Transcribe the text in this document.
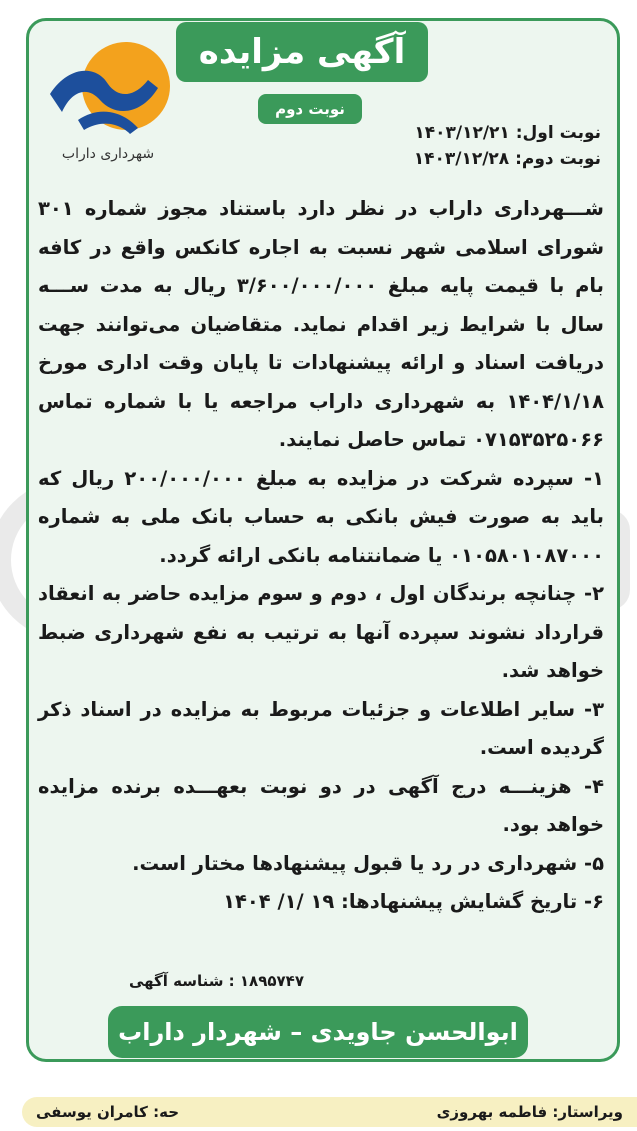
آگهی مزایده
نوبت دوم
شهرداری داراب
نوبت اول: ۱۴۰۳/۱۲/۲۱
نوبت دوم: ۱۴۰۳/۱۲/۲۸

شـــهرداری داراب در نظر دارد باستناد مجوز شماره ۳۰۱ شورای اسلامی شهر نسبت به اجاره کانکس واقع در کافه بام با قیمت پایه مبلغ ۳/۶۰۰/۰۰۰/۰۰۰ ریال به مدت ســـه سال با شرایط زیر اقدام نماید. متقاضیان می‌توانند جهت دریافت اسناد و ارائه پیشنهادات تا پایان وقت اداری مورخ ۱۴۰۴/۱/۱۸ به شهرداری داراب مراجعه یا با شماره تماس ۰۷۱۵۳۵۲۵۰۶۶ تماس حاصل نمایند.

۱- سپرده شرکت در مزایده به مبلغ ۲۰۰/۰۰۰/۰۰۰ ریال که باید به صورت فیش بانکی به حساب بانک ملی به شماره ۰۱۰۵۸۰۱۰۸۷۰۰۰ یا ضمانتنامه بانکی ارائه گردد.

۲- چنانچه برندگان اول ، دوم و سوم مزایده حاضر به انعقاد قرارداد نشوند سپرده آنها به ترتیب به نفع شهرداری ضبط خواهد شد.

۳- سایر اطلاعات و جزئیات مربوط به مزایده در اسناد ذکر گردیده است.

۴- هزینـــه درج آگهی در دو نوبت بعهـــده برنده مزایده خواهد بود.

۵- شهرداری در رد یا قبول پیشنهادها مختار است.

۶- تاریخ گشایش پیشنهادها: ۱۹ /۱/ ۱۴۰۴

۱۸۹۵۷۴۷ : شناسه آگهی
ابوالحسن جاویدی – شهردار داراب
ویراستار: فاطمه بهروزی
حه: کامران یوسفی
